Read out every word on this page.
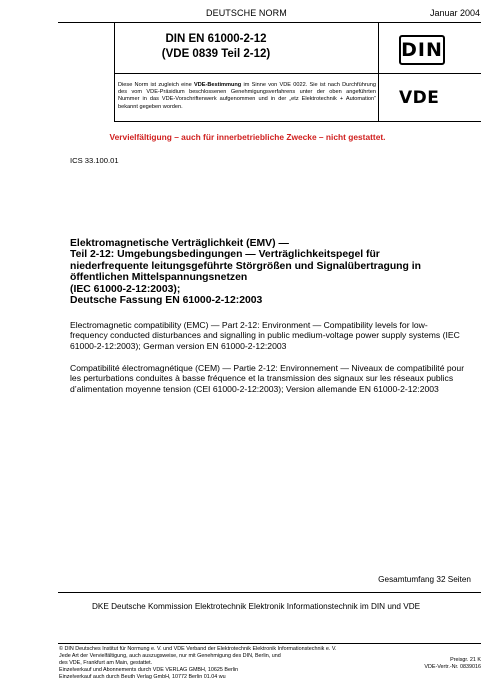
DEUTSCHE NORM	Januar 2004
DIN EN 61000-2-12
(VDE 0839 Teil 2-12)	DIN
Diese Norm ist zugleich eine VDE-Bestimmung im Sinne von VDE 0022. Sie ist nach Durchführung des vom VDE-Präsidium beschlossenen Genehmigungsverfahrens unter der oben angeführten Nummer in das VDE-Vorschriftenwerk aufgenommen und in der „etz Elektrotechnik + Automation“ bekannt gegeben worden.	VDE
Vervielfältigung – auch für innerbetriebliche Zwecke – nicht gestattet.
ICS 33.100.01
Elektromagnetische Verträglichkeit (EMV) —
Teil 2-12: Umgebungsbedingungen — Verträglichkeitspegel für
niederfrequente leitungsgeführte Störgrößen und Signalübertragung in
öffentlichen Mittelspannungsnetzen
(IEC 61000-2-12:2003);
Deutsche Fassung EN 61000-2-12:2003
Electromagnetic compatibility (EMC) — Part 2-12: Environment — Compatibility levels for low-frequency conducted disturbances and signalling in public medium-voltage power supply systems (IEC 61000-2-12:2003); German version EN 61000-2-12:2003
Compatibilité électromagnétique (CEM) — Partie 2-12: Environnement — Niveaux de compatibilité pour les perturbations conduites à basse fréquence et la transmission des signaux sur les réseaux publics d’alimentation moyenne tension (CEI 61000-2-12:2003); Version allemande EN 61000-2-12:2003
Gesamtumfang 32 Seiten
DKE Deutsche Kommission Elektrotechnik Elektronik Informationstechnik im DIN und VDE
© DIN Deutsches Institut für Normung e. V. und VDE Verband der Elektrotechnik Elektronik Informationstechnik e. V.
Jede Art der Vervielfältigung, auch auszugsweise, nur mit Genehmigung des DIN, Berlin, und
des VDE, Frankfurt am Main, gestattet.
Einzelverkauf und Abonnements durch VDE VERLAG GMBH, 10625 Berlin
Einzelverkauf auch durch Beuth Verlag GmbH, 10772 Berlin 01.04 wu
Preisgr. 21 K
VDE-Vertr.-Nr. 0839016
